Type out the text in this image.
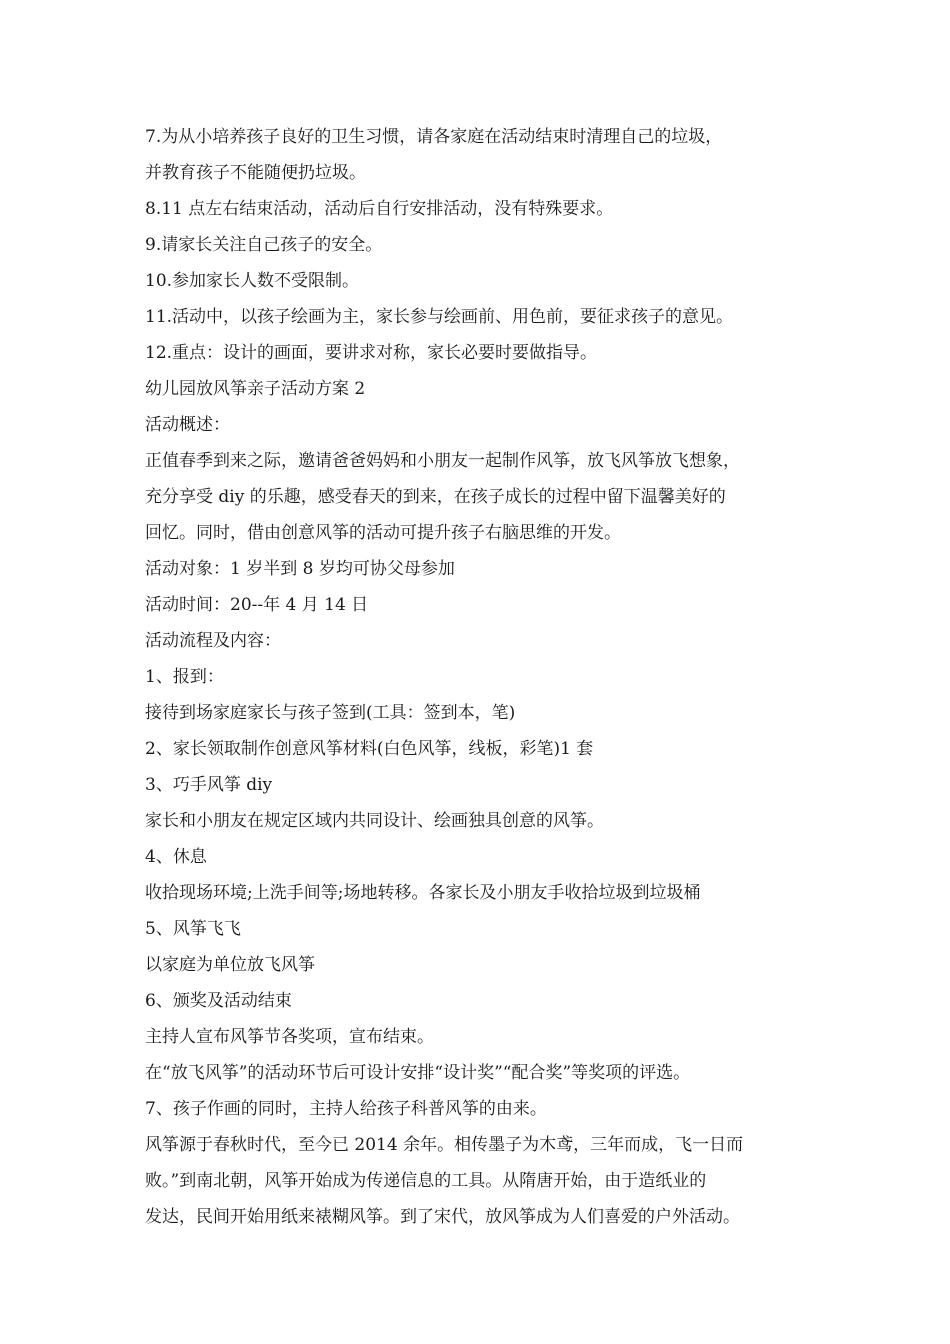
7.为从小培养孩子良好的卫生习惯，请各家庭在活动结束时清理自己的垃圾，

并教育孩子不能随便扔垃圾。

8.11 点左右结束活动，活动后自行安排活动，没有特殊要求。

9.请家长关注自己孩子的安全。

10.参加家长人数不受限制。

11.活动中，以孩子绘画为主，家长参与绘画前、用色前，要征求孩子的意见。

12.重点：设计的画面，要讲求对称，家长必要时要做指导。

幼儿园放风筝亲子活动方案 2

活动概述：

正值春季到来之际，邀请爸爸妈妈和小朋友一起制作风筝，放飞风筝放飞想象，

充分享受 diy 的乐趣，感受春天的到来，在孩子成长的过程中留下温馨美好的

回忆。同时，借由创意风筝的活动可提升孩子右脑思维的开发。

活动对象：1 岁半到 8 岁均可协父母参加

活动时间：20--年 4 月 14 日

活动流程及内容：

1、报到：

接待到场家庭家长与孩子签到(工具：签到本，笔)

2、家长领取制作创意风筝材料(白色风筝，线板，彩笔)1 套

3、巧手风筝 diy

家长和小朋友在规定区域内共同设计、绘画独具创意的风筝。

4、休息

收拾现场环境;上洗手间等;场地转移。各家长及小朋友手收拾垃圾到垃圾桶

5、风筝飞飞

以家庭为单位放飞风筝

6、颁奖及活动结束

主持人宣布风筝节各奖项，宣布结束。

在“放飞风筝”的活动环节后可设计安排“设计奖”“配合奖”等奖项的评选。

7、孩子作画的同时，主持人给孩子科普风筝的由来。

风筝源于春秋时代，至今已 2014 余年。相传墨子为木鸢，三年而成，飞一日而

败。”到南北朝，风筝开始成为传递信息的工具。从隋唐开始，由于造纸业的

发达，民间开始用纸来裱糊风筝。到了宋代，放风筝成为人们喜爱的户外活动。
